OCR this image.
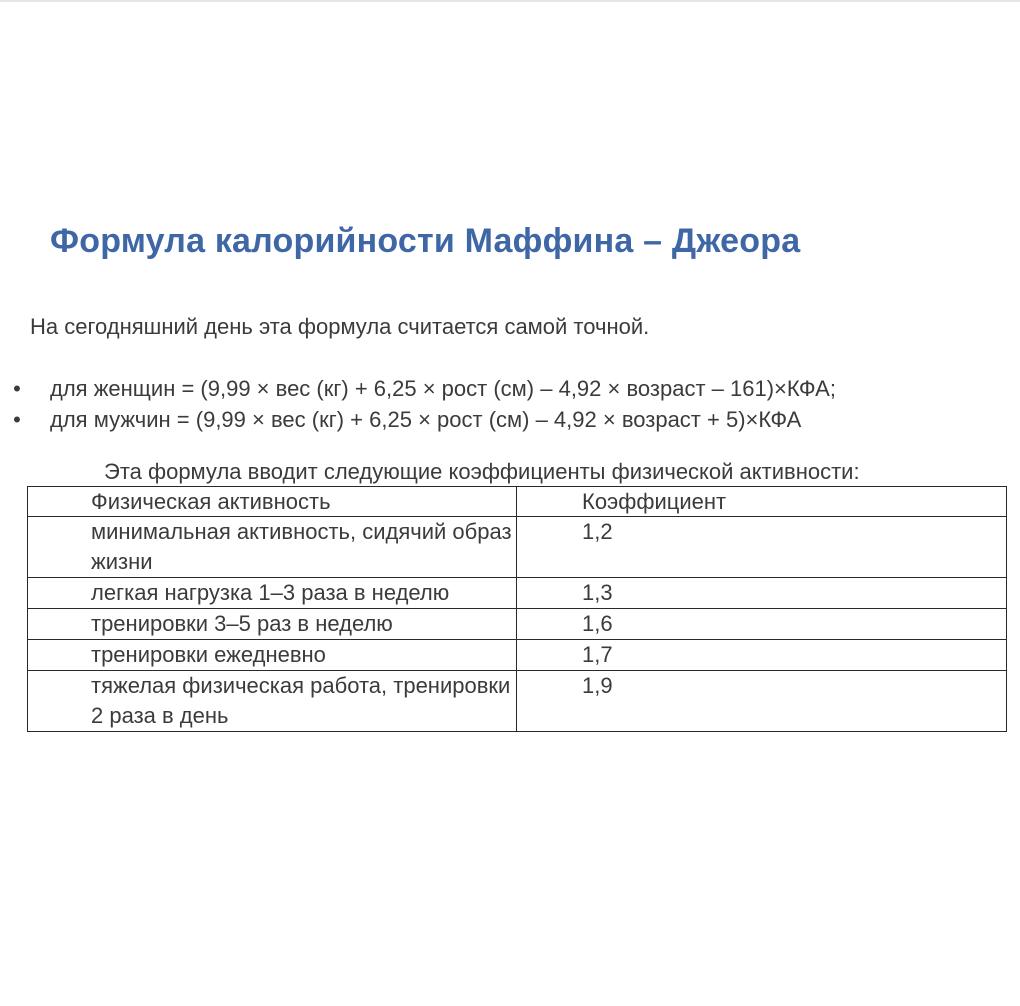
Формула калорийности Маффина – Джеора

На сегодняшний день эта формула считается самой точной.

• для женщин = (9,99 × вес (кг) + 6,25 × рост (см) – 4,92 × возраст – 161)×КФА;
• для мужчин = (9,99 × вес (кг) + 6,25 × рост (см) – 4,92 × возраст + 5)×КФА

Эта формула вводит следующие коэффициенты физической активности:

Физическая активность	Коэффициент
минимальная активность, сидячий образ жизни	1,2
легкая нагрузка 1–3 раза в неделю	1,3
тренировки 3–5 раз в неделю	1,6
тренировки ежедневно	1,7
тяжелая физическая работа, тренировки 2 раза в день	1,9
